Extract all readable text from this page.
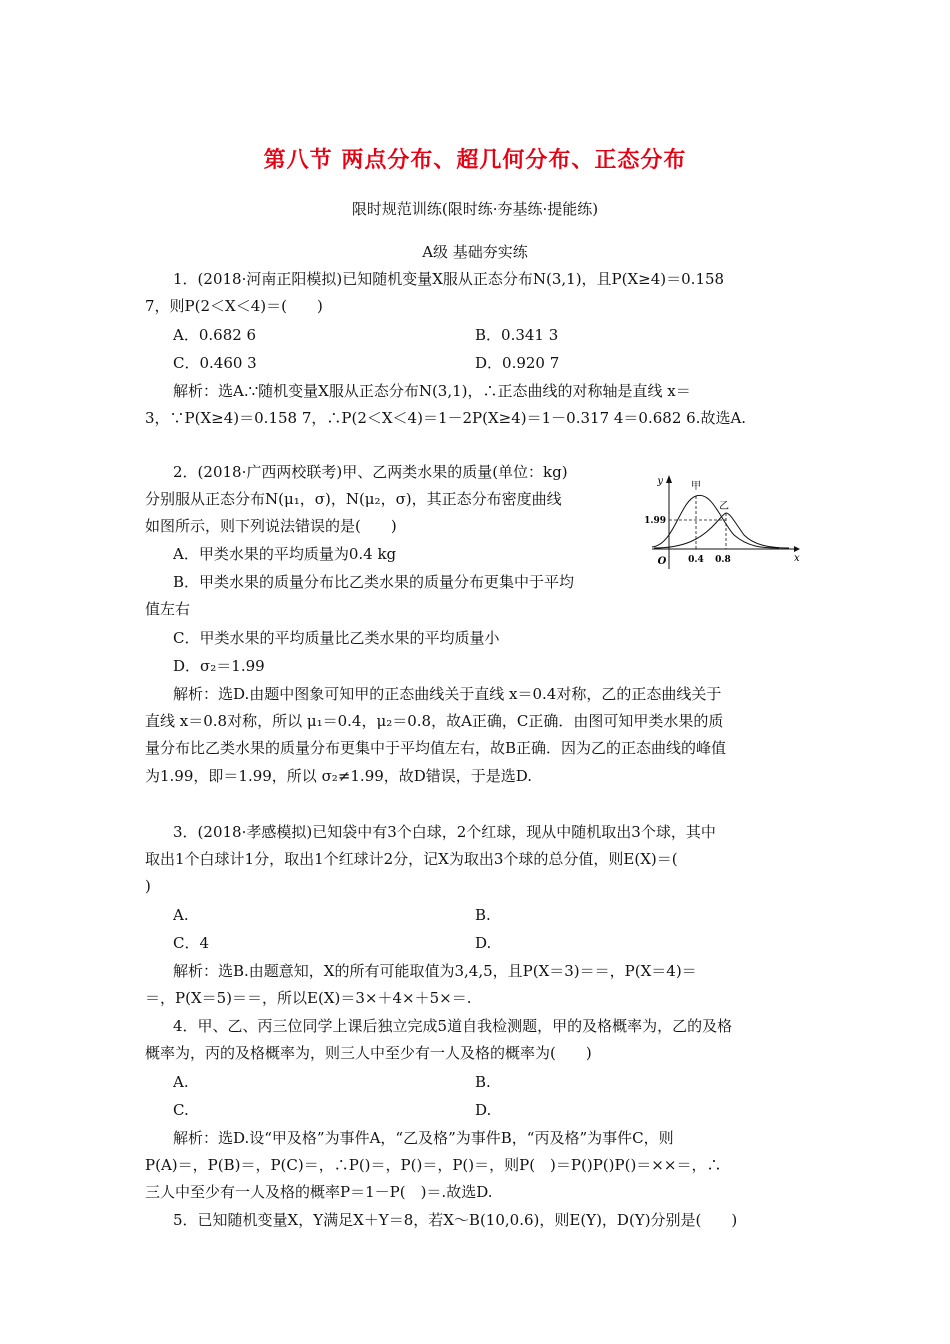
第八节 两点分布、超几何分布、正态分布
限时规范训练(限时练·夯基练·提能练)
A级 基础夯实练
1．(2018·河南正阳模拟)已知随机变量X服从正态分布N(3,1)，且P(X≥4)＝0.158
7，则P(2＜X＜4)＝(　　)
A．0.682 6	B．0.341 3
C．0.460 3	D．0.920 7
解析：选A.∵随机变量X服从正态分布N(3,1)，∴正态曲线的对称轴是直线 x＝
3，∵P(X≥4)＝0.158 7，∴P(2＜X＜4)＝1－2P(X≥4)＝1－0.317 4＝0.682 6.故选A.
2．(2018·广西两校联考)甲、乙两类水果的质量(单位：kg)
分别服从正态分布N(μ₁，σ)，N(μ₂，σ)，其正态分布密度曲线
如图所示，则下列说法错误的是(　　)
A．甲类水果的平均质量为0.4 kg
B．甲类水果的质量分布比乙类水果的质量分布更集中于平均
值左右
C．甲类水果的平均质量比乙类水果的平均质量小
D．σ₂＝1.99
解析：选D.由题中图象可知甲的正态曲线关于直线 x＝0.4对称，乙的正态曲线关于
直线 x＝0.8对称，所以 μ₁＝0.4，μ₂＝0.8，故A正确，C正确．由图可知甲类水果的质
量分布比乙类水果的质量分布更集中于平均值左右，故B正确．因为乙的正态曲线的峰值
为1.99，即＝1.99，所以 σ₂≠1.99，故D错误，于是选D.
y
x
O
甲
乙
1.99
0.4 0.8
3．(2018·孝感模拟)已知袋中有3个白球，2个红球，现从中随机取出3个球，其中
取出1个白球计1分，取出1个红球计2分，记X为取出3个球的总分值，则E(X)＝(
)
A.	B.
C．4	D.
解析：选B.由题意知，X的所有可能取值为3,4,5，且P(X＝3)＝＝，P(X＝4)＝
＝，P(X＝5)＝＝，所以E(X)＝3×＋4×＋5×＝.
4．甲、乙、丙三位同学上课后独立完成5道自我检测题，甲的及格概率为，乙的及格
概率为，丙的及格概率为，则三人中至少有一人及格的概率为(　　)
A.	B.
C.	D.
解析：选D.设“甲及格”为事件A，“乙及格”为事件B，“丙及格”为事件C，则
P(A)＝，P(B)＝，P(C)＝，∴P()＝，P()＝，P()＝，则P(　)＝P()P()P()＝××＝，∴
三人中至少有一人及格的概率P＝1－P(　)＝.故选D.
5．已知随机变量X，Y满足X＋Y＝8，若X～B(10,0.6)，则E(Y)，D(Y)分别是(　　)
